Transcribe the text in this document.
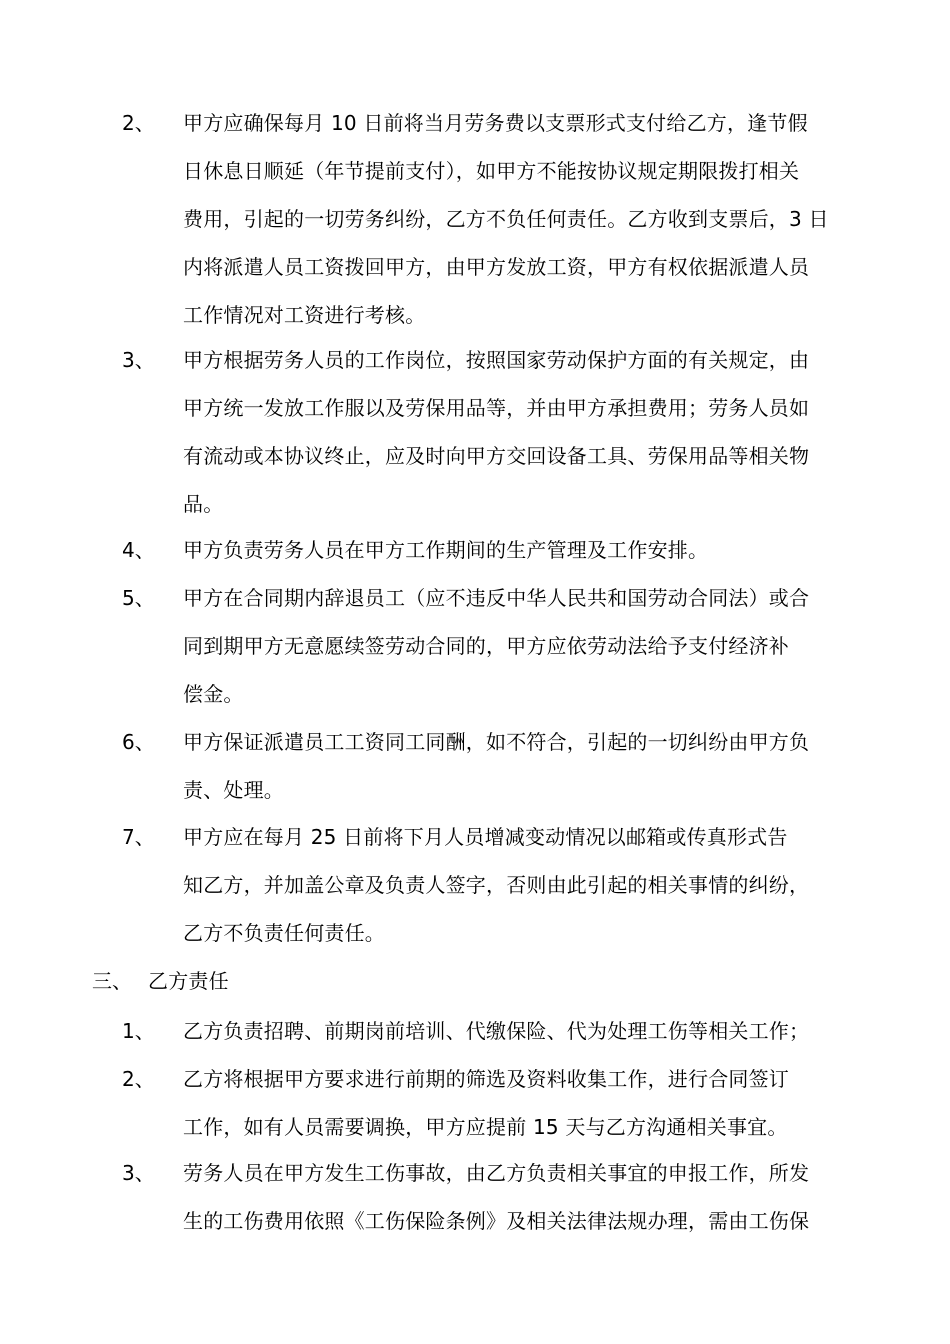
2、 甲方应确保每月 10 日前将当月劳务费以支票形式支付给乙方，逢节假
日休息日顺延（年节提前支付），如甲方不能按协议规定期限拨打相关
费用，引起的一切劳务纠纷，乙方不负任何责任。乙方收到支票后，3 日
内将派遣人员工资拨回甲方，由甲方发放工资，甲方有权依据派遣人员
工作情况对工资进行考核。
3、 甲方根据劳务人员的工作岗位，按照国家劳动保护方面的有关规定，由
甲方统一发放工作服以及劳保用品等，并由甲方承担费用；劳务人员如
有流动或本协议终止，应及时向甲方交回设备工具、劳保用品等相关物
品。
4、 甲方负责劳务人员在甲方工作期间的生产管理及工作安排。
5、 甲方在合同期内辞退员工（应不违反中华人民共和国劳动合同法）或合
同到期甲方无意愿续签劳动合同的，甲方应依劳动法给予支付经济补
偿金。
6、 甲方保证派遣员工工资同工同酬，如不符合，引起的一切纠纷由甲方负
责、处理。
7、 甲方应在每月 25 日前将下月人员增减变动情况以邮箱或传真形式告
知乙方，并加盖公章及负责人签字，否则由此引起的相关事情的纠纷，
乙方不负责任何责任。
三、 乙方责任
1、 乙方负责招聘、前期岗前培训、代缴保险、代为处理工伤等相关工作；
2、 乙方将根据甲方要求进行前期的筛选及资料收集工作，进行合同签订
工作，如有人员需要调换，甲方应提前 15 天与乙方沟通相关事宜。
3、 劳务人员在甲方发生工伤事故，由乙方负责相关事宜的申报工作，所发
生的工伤费用依照《工伤保险条例》及相关法律法规办理，需由工伤保
